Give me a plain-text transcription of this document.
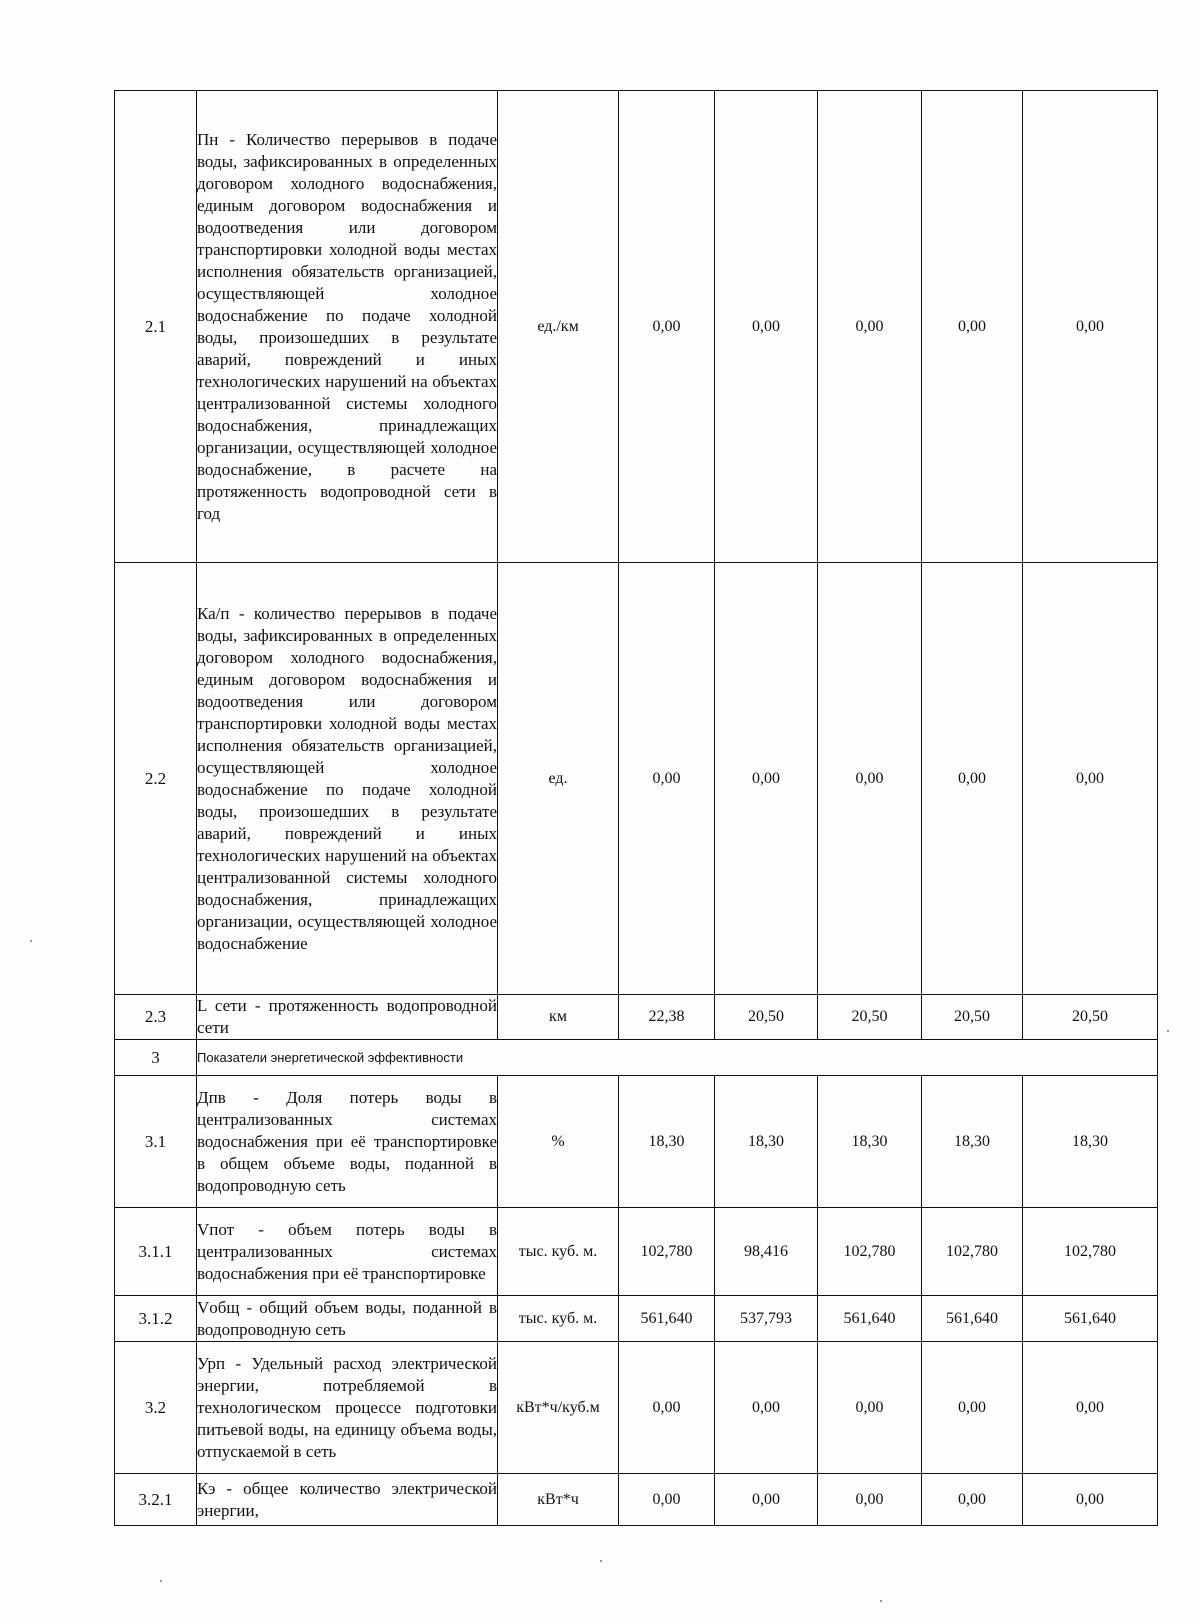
2.1	Пн - Количество перерывов в подаче воды, зафиксированных в определенных договором холодного водоснабжения, единым договором водоснабжения и водоотведения или договором транспортировки холодной воды местах исполнения обязательств организацией, осуществляющей холодное водоснабжение по подаче холодной воды, произошедших в результате аварий, повреждений и иных технологических нарушений на объектах централизованной системы холодного водоснабжения, принадлежащих организации, осуществляющей холодное водоснабжение, в расчете на протяженность водопроводной сети в год	ед./км	0,00	0,00	0,00	0,00	0,00
2.2	Ка/п - количество перерывов в подаче воды, зафиксированных в определенных договором холодного водоснабжения, единым договором водоснабжения и водоотведения или договором транспортировки холодной воды местах исполнения обязательств организацией, осуществляющей холодное водоснабжение по подаче холодной воды, произошедших в результате аварий, повреждений и иных технологических нарушений на объектах централизованной системы холодного водоснабжения, принадлежащих организации, осуществляющей холодное водоснабжение	ед.	0,00	0,00	0,00	0,00	0,00
2.3	L сети - протяженность водопроводной сети	км	22,38	20,50	20,50	20,50	20,50
3	Показатели энергетической эффективности						
3.1	Дпв - Доля потерь воды в централизованных системах водоснабжения при её транспортировке в общем объеме воды, поданной в водопроводную сеть	%	18,30	18,30	18,30	18,30	18,30
3.1.1	Vпот - объем потерь воды в централизованных системах водоснабжения при её транспортировке	тыс. куб. м.	102,780	98,416	102,780	102,780	102,780
3.1.2	Vобщ - общий объем воды, поданной в водопроводную сеть	тыс. куб. м.	561,640	537,793	561,640	561,640	561,640
3.2	Урп - Удельный расход электрической энергии, потребляемой в технологическом процессе подготовки питьевой воды, на единицу объема воды, отпускаемой в сеть	кВт*ч/куб.м	0,00	0,00	0,00	0,00	0,00
3.2.1	Кэ - общее количество электрической энергии,	кВт*ч	0,00	0,00	0,00	0,00	0,00
